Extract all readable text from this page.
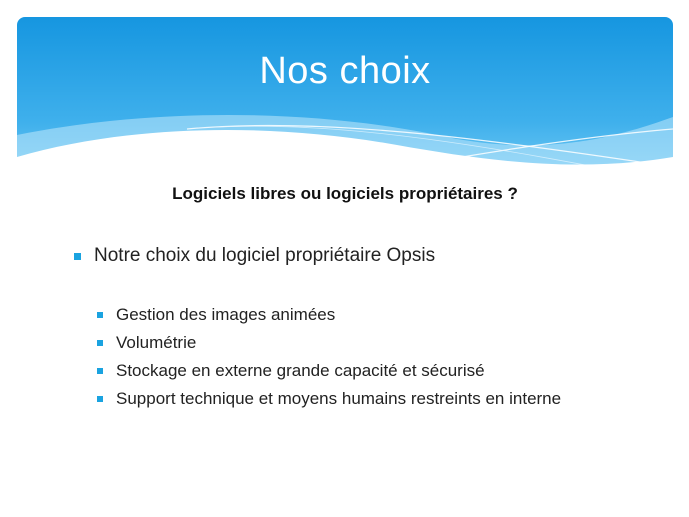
Nos choix
Logiciels libres ou logiciels propriétaires ?
Notre choix du logiciel propriétaire Opsis
Gestion des images animées
Volumétrie
Stockage en externe grande capacité et sécurisé
Support technique et moyens humains restreints en interne
